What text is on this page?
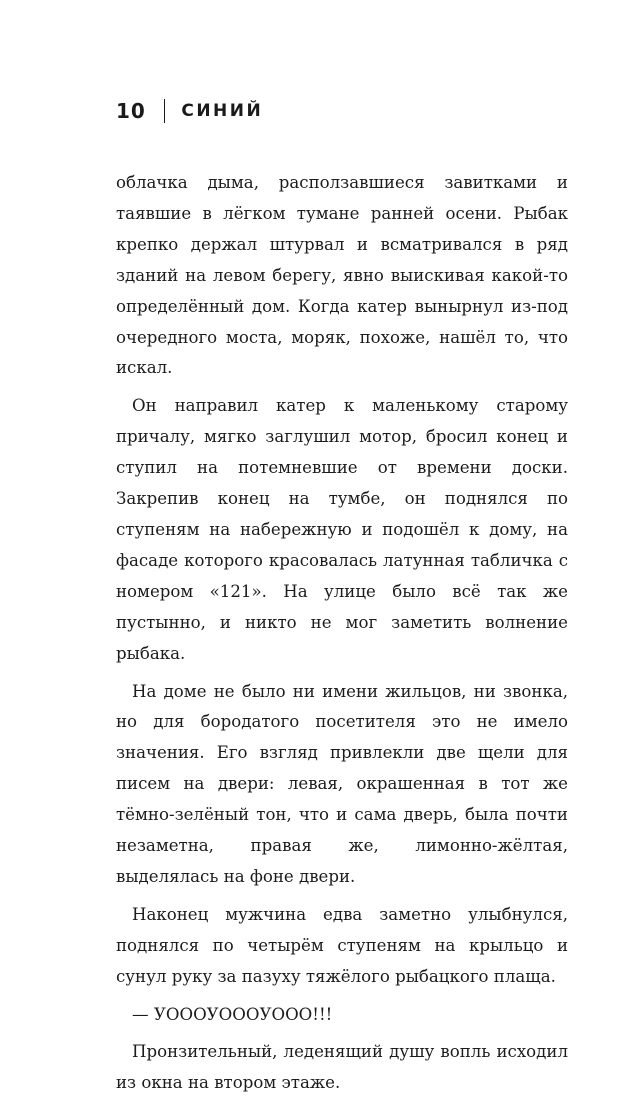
10 СИНИЙ

облачка дыма, расползавшиеся завитками и таявшие в лёгком тумане ранней осени. Рыбак крепко держал штурвал и всматривался в ряд зданий на левом берегу, явно выискивая какой-то определённый дом. Когда катер вынырнул из-под очередного моста, моряк, похоже, нашёл то, что искал.

Он направил катер к маленькому старому причалу, мягко заглушил мотор, бросил конец и ступил на потемневшие от времени доски. Закрепив конец на тумбе, он поднялся по ступеням на набережную и подошёл к дому, на фасаде которого красовалась латунная табличка с номером «121». На улице было всё так же пустынно, и никто не мог заметить волнение рыбака.

На доме не было ни имени жильцов, ни звонка, но для бородатого посетителя это не имело значения. Его взгляд привлекли две щели для писем на двери: левая, окрашенная в тот же тёмно-зелёный тон, что и сама дверь, была почти незаметна, правая же, лимонно-жёлтая, выделялась на фоне двери.

Наконец мужчина едва заметно улыбнулся, поднялся по четырём ступеням на крыльцо и сунул руку за пазуху тяжёлого рыбацкого плаща.

— УОООУОООУООО!!!

Пронзительный, леденящий душу вопль исходил из окна на втором этаже.
